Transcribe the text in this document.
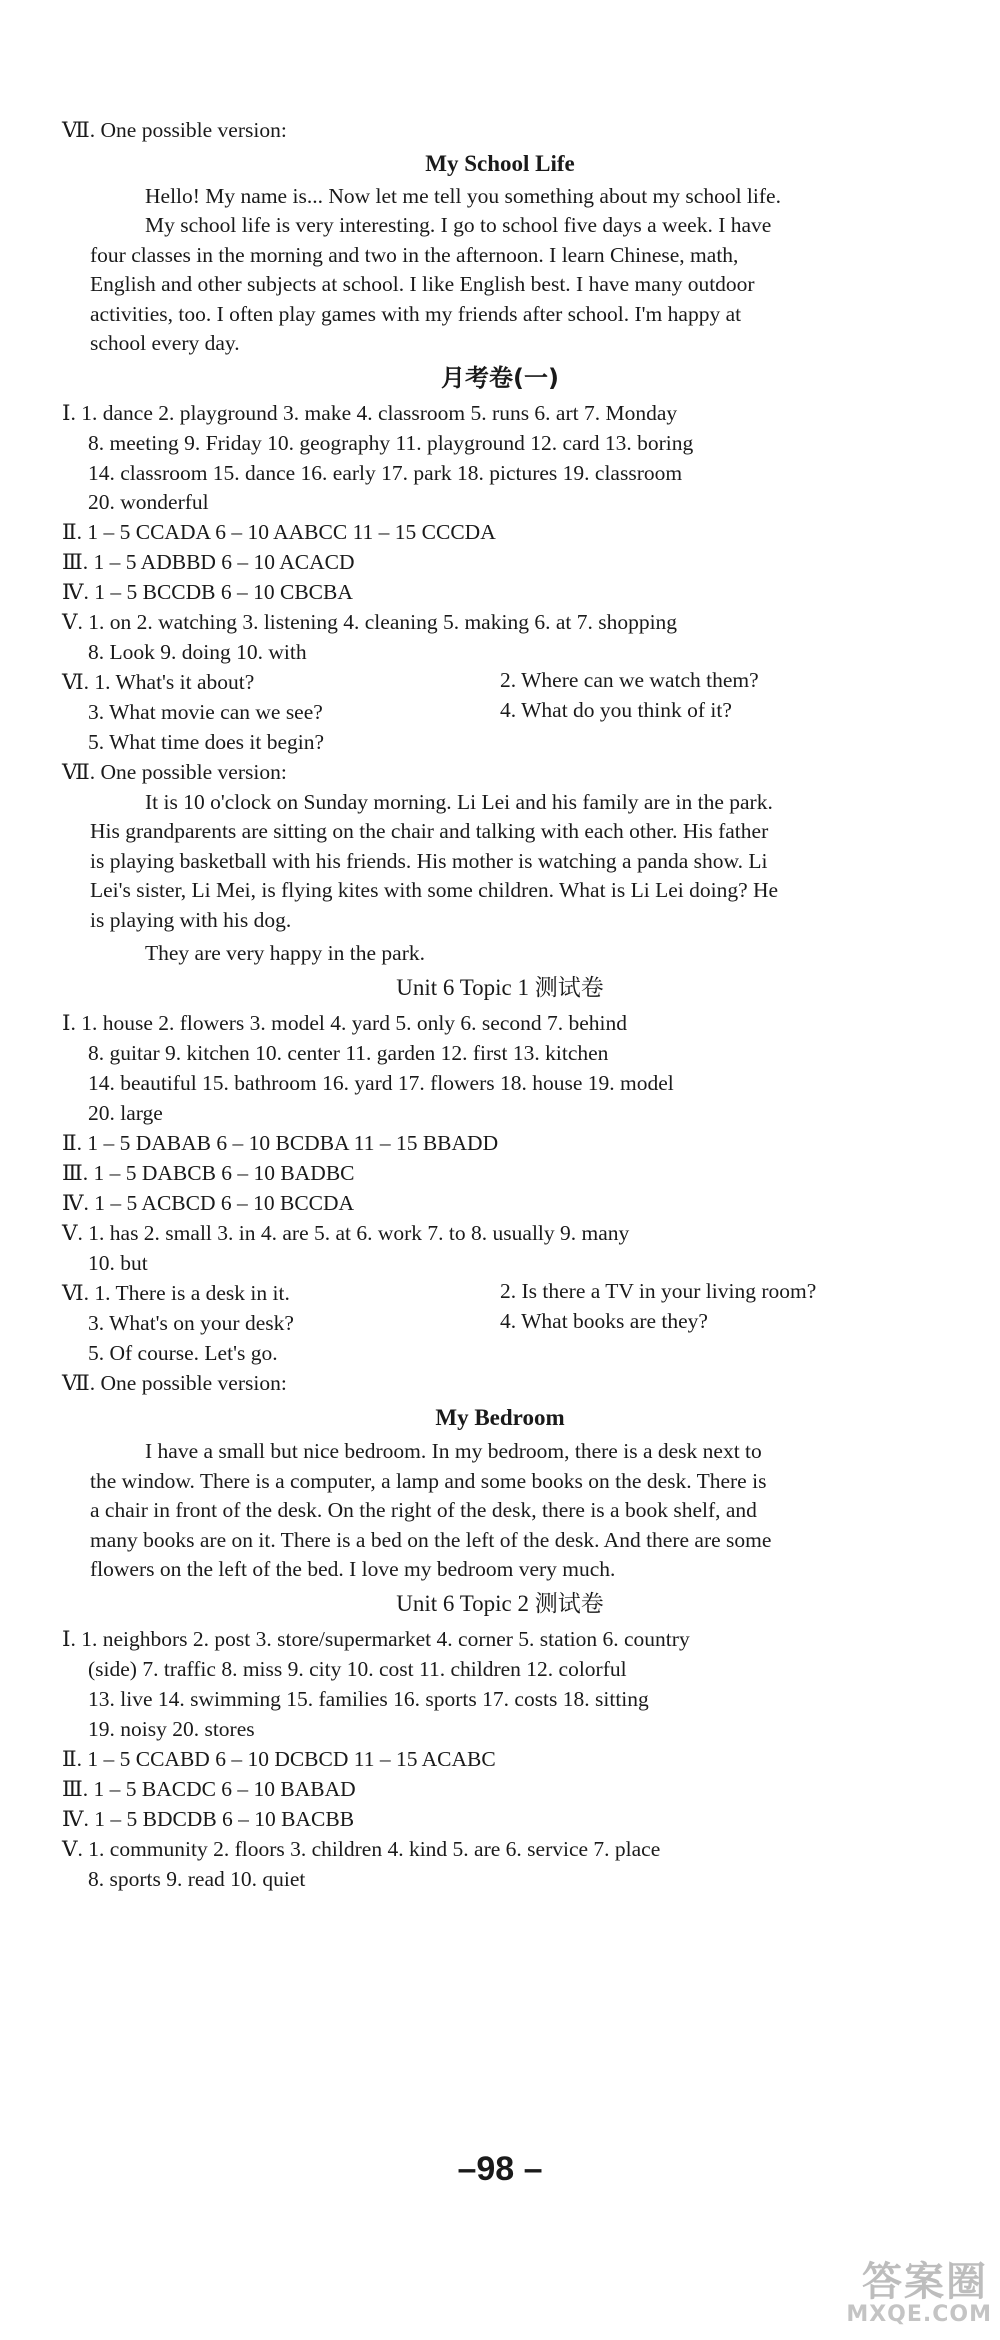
Ⅶ. One possible version:
My School Life
Hello! My name is... Now let me tell you something about my school life.
My school life is very interesting. I go to school five days a week. I have
four classes in the morning and two in the afternoon. I learn Chinese, math,
English and other subjects at school. I like English best. I have many outdoor
activities, too. I often play games with my friends after school. I'm happy at
school every day.
月考卷(一)
Ⅰ. 1. dance 2. playground 3. make 4. classroom 5. runs 6. art 7. Monday
8. meeting 9. Friday 10. geography 11. playground 12. card 13. boring
14. classroom 15. dance 16. early 17. park 18. pictures 19. classroom
20. wonderful
Ⅱ. 1 – 5 CCADA 6 – 10 AABCC 11 – 15 CCCDA
Ⅲ. 1 – 5 ADBBD 6 – 10 ACACD
Ⅳ. 1 – 5 BCCDB 6 – 10 CBCBA
Ⅴ. 1. on 2. watching 3. listening 4. cleaning 5. making 6. at 7. shopping
8. Look 9. doing 10. with
Ⅵ. 1. What's it about?	2. Where can we watch them?
3. What movie can we see?	4. What do you think of it?
5. What time does it begin?
Ⅶ. One possible version:
It is 10 o'clock on Sunday morning. Li Lei and his family are in the park.
His grandparents are sitting on the chair and talking with each other. His father
is playing basketball with his friends. His mother is watching a panda show. Li
Lei's sister, Li Mei, is flying kites with some children. What is Li Lei doing? He
is playing with his dog.
They are very happy in the park.
Unit 6 Topic 1 测试卷
Ⅰ. 1. house 2. flowers 3. model 4. yard 5. only 6. second 7. behind
8. guitar 9. kitchen 10. center 11. garden 12. first 13. kitchen
14. beautiful 15. bathroom 16. yard 17. flowers 18. house 19. model
20. large
Ⅱ. 1 – 5 DABAB 6 – 10 BCDBA 11 – 15 BBADD
Ⅲ. 1 – 5 DABCB 6 – 10 BADBC
Ⅳ. 1 – 5 ACBCD 6 – 10 BCCDA
Ⅴ. 1. has 2. small 3. in 4. are 5. at 6. work 7. to 8. usually 9. many
10. but
Ⅵ. 1. There is a desk in it.	2. Is there a TV in your living room?
3. What's on your desk?	4. What books are they?
5. Of course. Let's go.
Ⅶ. One possible version:
My Bedroom
I have a small but nice bedroom. In my bedroom, there is a desk next to
the window. There is a computer, a lamp and some books on the desk. There is
a chair in front of the desk. On the right of the desk, there is a book shelf, and
many books are on it. There is a bed on the left of the desk. And there are some
flowers on the left of the bed. I love my bedroom very much.
Unit 6 Topic 2 测试卷
Ⅰ. 1. neighbors 2. post 3. store/supermarket 4. corner 5. station 6. country
(side) 7. traffic 8. miss 9. city 10. cost 11. children 12. colorful
13. live 14. swimming 15. families 16. sports 17. costs 18. sitting
19. noisy 20. stores
Ⅱ. 1 – 5 CCABD 6 – 10 DCBCD 11 – 15 ACABC
Ⅲ. 1 – 5 BACDC 6 – 10 BABAD
Ⅳ. 1 – 5 BDCDB 6 – 10 BACBB
Ⅴ. 1. community 2. floors 3. children 4. kind 5. are 6. service 7. place
8. sports 9. read 10. quiet
–98 –
答案圈
MXQE.COM
